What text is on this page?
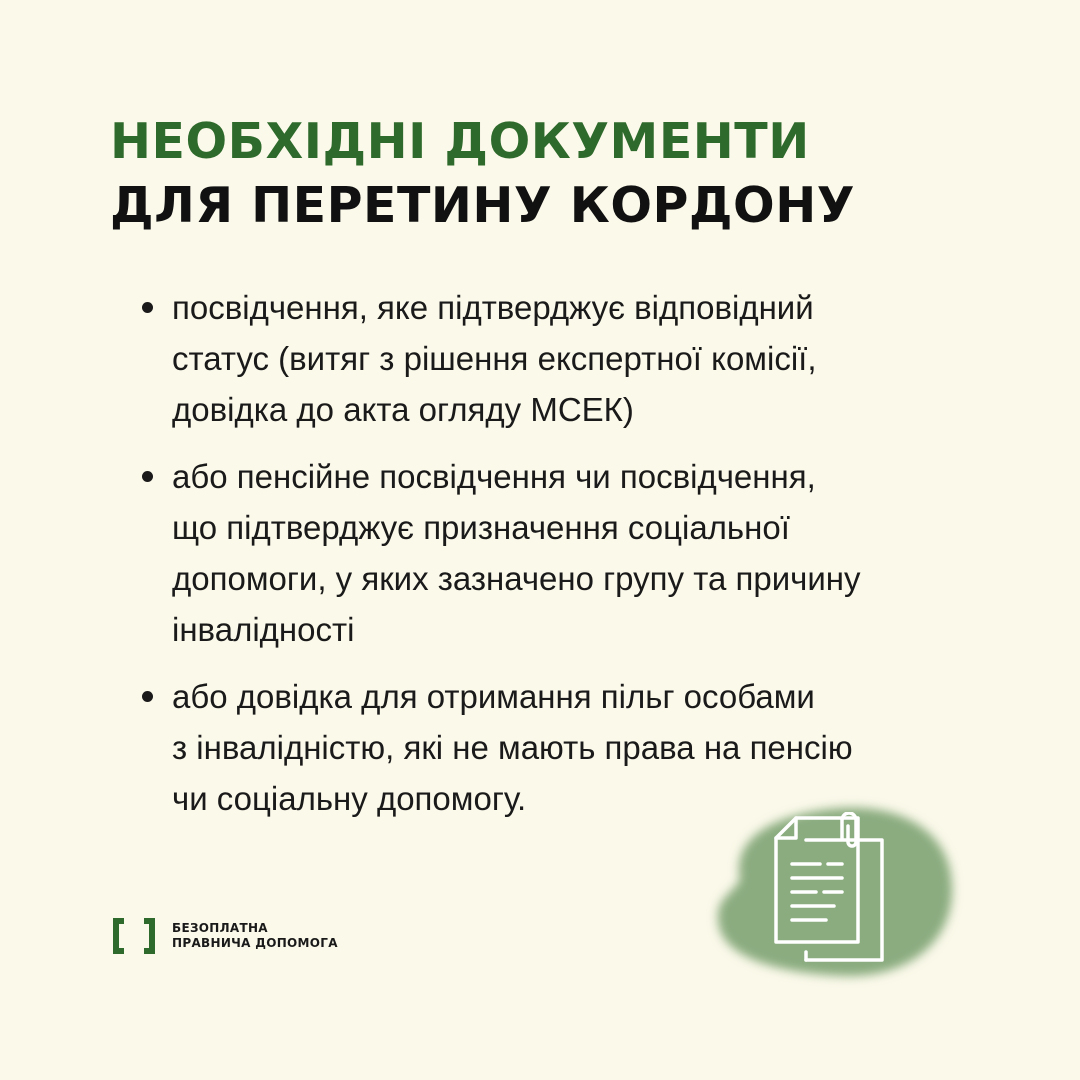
НЕОБХІДНІ ДОКУМЕНТИ
ДЛЯ ПЕРЕТИНУ КОРДОНУ
посвідчення, яке підтверджує відповідний
статус (витяг з рішення експертної комісії,
довідка до акта огляду МСЕК)
або пенсійне посвідчення чи посвідчення,
що підтверджує призначення соціальної
допомоги, у яких зазначено групу та причину
інвалідності
або довідка для отримання пільг особами
з інвалідністю, які не мають права на пенсію
чи соціальну допомогу.
БЕЗОПЛАТНА
ПРАВНИЧА ДОПОМОГА
